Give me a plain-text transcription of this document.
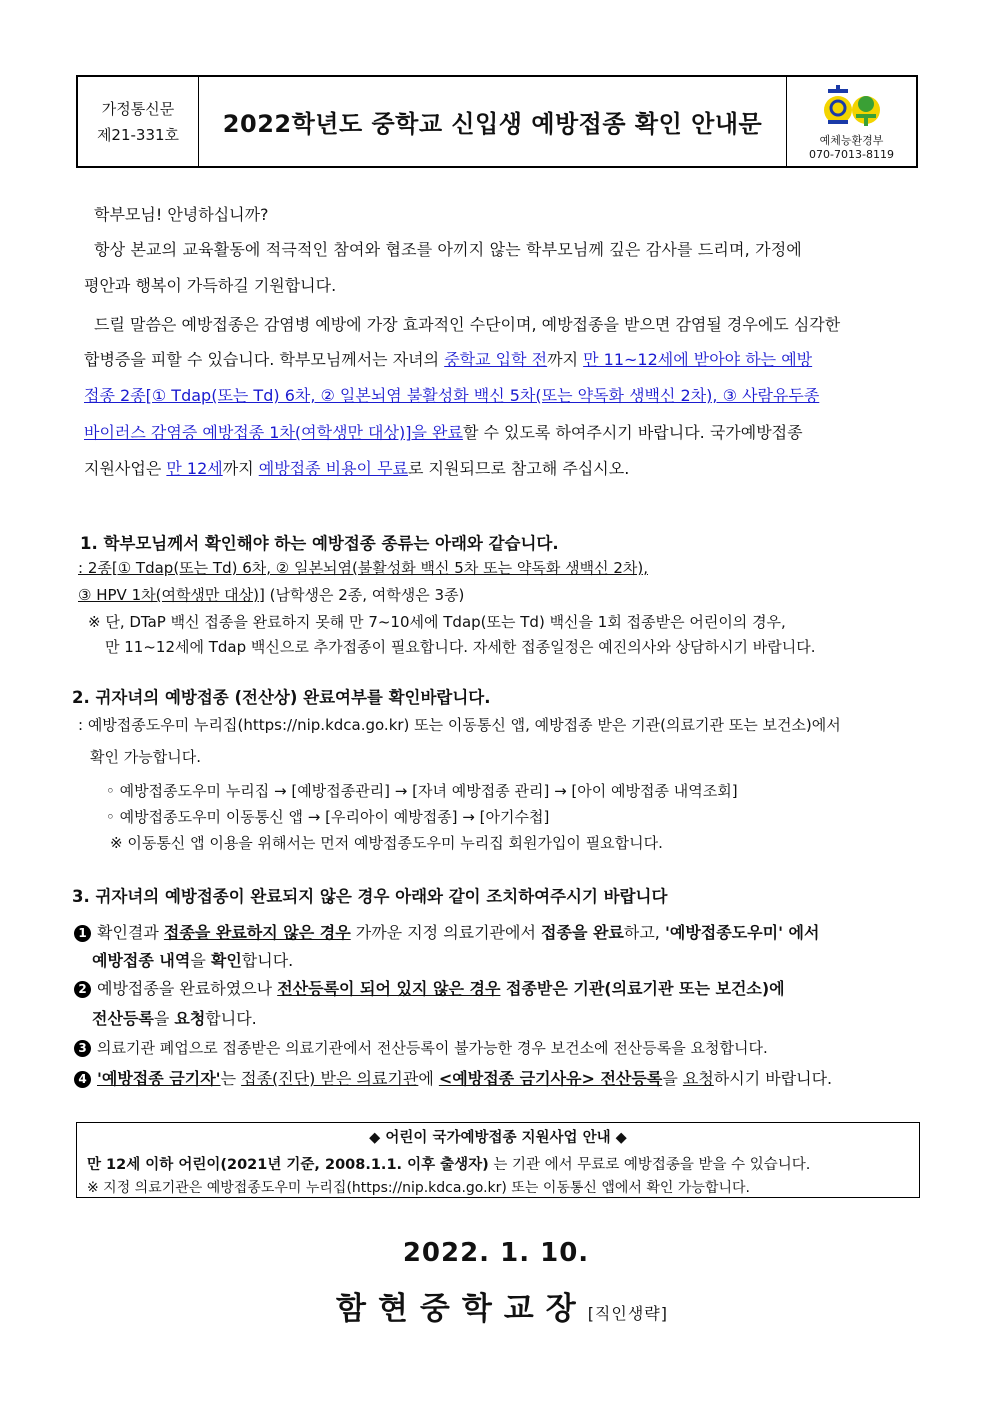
가정통신문
제21-331호	2022학년도 중학교 신입생 예방접종 확인 안내문
예체능환경부
070-7013-8119
학부모님! 안녕하십니까?
항상 본교의 교육활동에 적극적인 참여와 협조를 아끼지 않는 학부모님께 깊은 감사를 드리며, 가정에
평안과 행복이 가득하길 기원합니다.
드릴 말씀은 예방접종은 감염병 예방에 가장 효과적인 수단이며, 예방접종을 받으면 감염될 경우에도 심각한
합병증을 피할 수 있습니다. 학부모님께서는 자녀의 중학교 입학 전까지 만 11~12세에 받아야 하는 예방
접종 2종[① Tdap(또는 Td) 6차, ② 일본뇌염 불활성화 백신 5차(또는 약독화 생백신 2차), ③ 사람유두종
바이러스 감염증 예방접종 1차(여학생만 대상)]을 완료할 수 있도록 하여주시기 바랍니다. 국가예방접종
지원사업은 만 12세까지 예방접종 비용이 무료로 지원되므로 참고해 주십시오.
1. 학부모님께서 확인해야 하는 예방접종 종류는 아래와 같습니다.
: 2종[① Tdap(또는 Td) 6차, ② 일본뇌염(불활성화 백신 5차 또는 약독화 생백신 2차),
③ HPV 1차(여학생만 대상)] (남학생은 2종, 여학생은 3종)
※ 단, DTaP 백신 접종을 완료하지 못해 만 7~10세에 Tdap(또는 Td) 백신을 1회 접종받은 어린이의 경우,
만 11~12세에 Tdap 백신으로 추가접종이 필요합니다. 자세한 접종일정은 예진의사와 상담하시기 바랍니다.
2. 귀자녀의 예방접종 (전산상) 완료여부를 확인바랍니다.
: 예방접종도우미 누리집(https://nip.kdca.go.kr) 또는 이동통신 앱, 예방접종 받은 기관(의료기관 또는 보건소)에서
확인 가능합니다.
◦ 예방접종도우미 누리집 → [예방접종관리] → [자녀 예방접종 관리] → [아이 예방접종 내역조회]
◦ 예방접종도우미 이동통신 앱 → [우리아이 예방접종] → [아기수첩]
※ 이동통신 앱 이용을 위해서는 먼저 예방접종도우미 누리집 회원가입이 필요합니다.
3. 귀자녀의 예방접종이 완료되지 않은 경우 아래와 같이 조치하여주시기 바랍니다
1 확인결과 접종을 완료하지 않은 경우 가까운 지정 의료기관에서 접종을 완료하고, '예방접종도우미' 에서
예방접종 내역을 확인합니다.
2 예방접종을 완료하였으나 전산등록이 되어 있지 않은 경우 접종받은 기관(의료기관 또는 보건소)에
전산등록을 요청합니다.
3 의료기관 폐업으로 접종받은 의료기관에서 전산등록이 불가능한 경우 보건소에 전산등록을 요청합니다.
4 '예방접종 금기자'는 접종(진단) 받은 의료기관에 <예방접종 금기사유> 전산등록을 요청하시기 바랍니다.
◆ 어린이 국가예방접종 지원사업 안내 ◆
만 12세 이하 어린이(2021년 기준, 2008.1.1. 이후 출생자) 는 기관 에서 무료로 예방접종을 받을 수 있습니다.
※ 지정 의료기관은 예방접종도우미 누리집(https://nip.kdca.go.kr) 또는 이동통신 앱에서 확인 가능합니다.
2022. 1. 10.
함현중학교장[직인생략]
